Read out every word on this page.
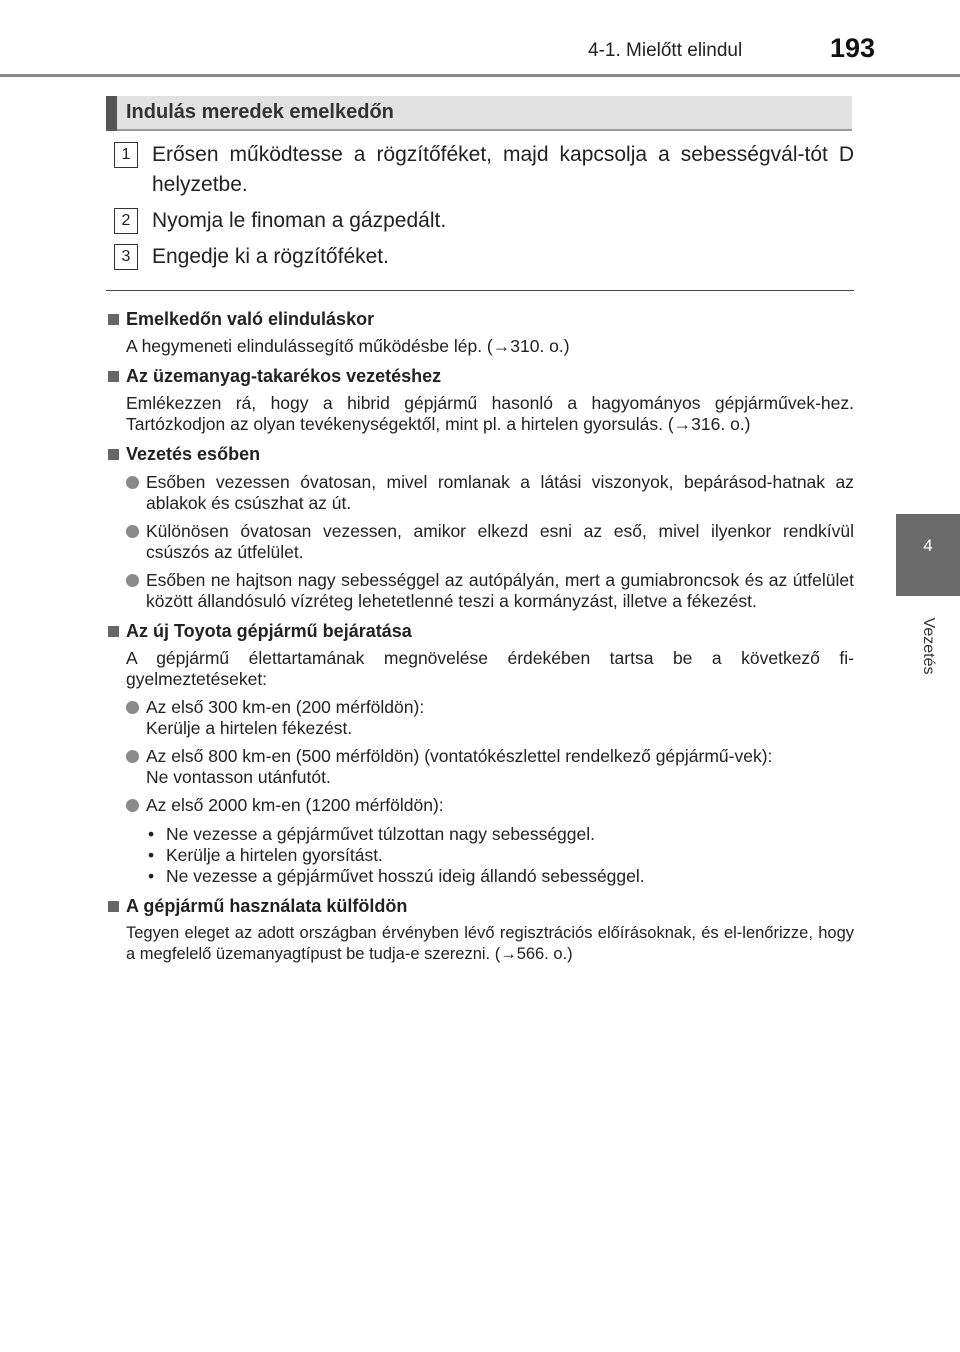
4-1. Mielőtt elindul	193
4
Vezetés
Indulás meredek emelkedőn
1	Erősen működtesse a rögzítőféket, majd kapcsolja a sebességvál-tót D helyzetbe.
2	Nyomja le finoman a gázpedált.
3	Engedje ki a rögzítőféket.
Emelkedőn való elinduláskor
A hegymeneti elindulássegítő működésbe lép. (→310. o.)
Az üzemanyag-takarékos vezetéshez
Emlékezzen rá, hogy a hibrid gépjármű hasonló a hagyományos gépjárművek-hez. Tartózkodjon az olyan tevékenységektől, mint pl. a hirtelen gyorsulás. (→316. o.)
Vezetés esőben
Esőben vezessen óvatosan, mivel romlanak a látási viszonyok, bepárásod-hatnak az ablakok és csúszhat az út.
Különösen óvatosan vezessen, amikor elkezd esni az eső, mivel ilyenkor rendkívül csúszós az útfelület.
Esőben ne hajtson nagy sebességgel az autópályán, mert a gumiabroncsok és az útfelület között állandósuló vízréteg lehetetlenné teszi a kormányzást, illetve a fékezést.
Az új Toyota gépjármű bejáratása
A gépjármű élettartamának megnövelése érdekében tartsa be a következő fi-gyelmeztetéseket:
Az első 300 km-en (200 mérföldön):
Kerülje a hirtelen fékezést.
Az első 800 km-en (500 mérföldön) (vontatókészlettel rendelkező gépjármű-vek):
Ne vontasson utánfutót.
Az első 2000 km-en (1200 mérföldön):
• Ne vezesse a gépjárművet túlzottan nagy sebességgel.
• Kerülje a hirtelen gyorsítást.
• Ne vezesse a gépjárművet hosszú ideig állandó sebességgel.
A gépjármű használata külföldön
Tegyen eleget az adott országban érvényben lévő regisztrációs előírásoknak, és el-lenőrizze, hogy a megfelelő üzemanyagtípust be tudja-e szerezni. (→566. o.)
